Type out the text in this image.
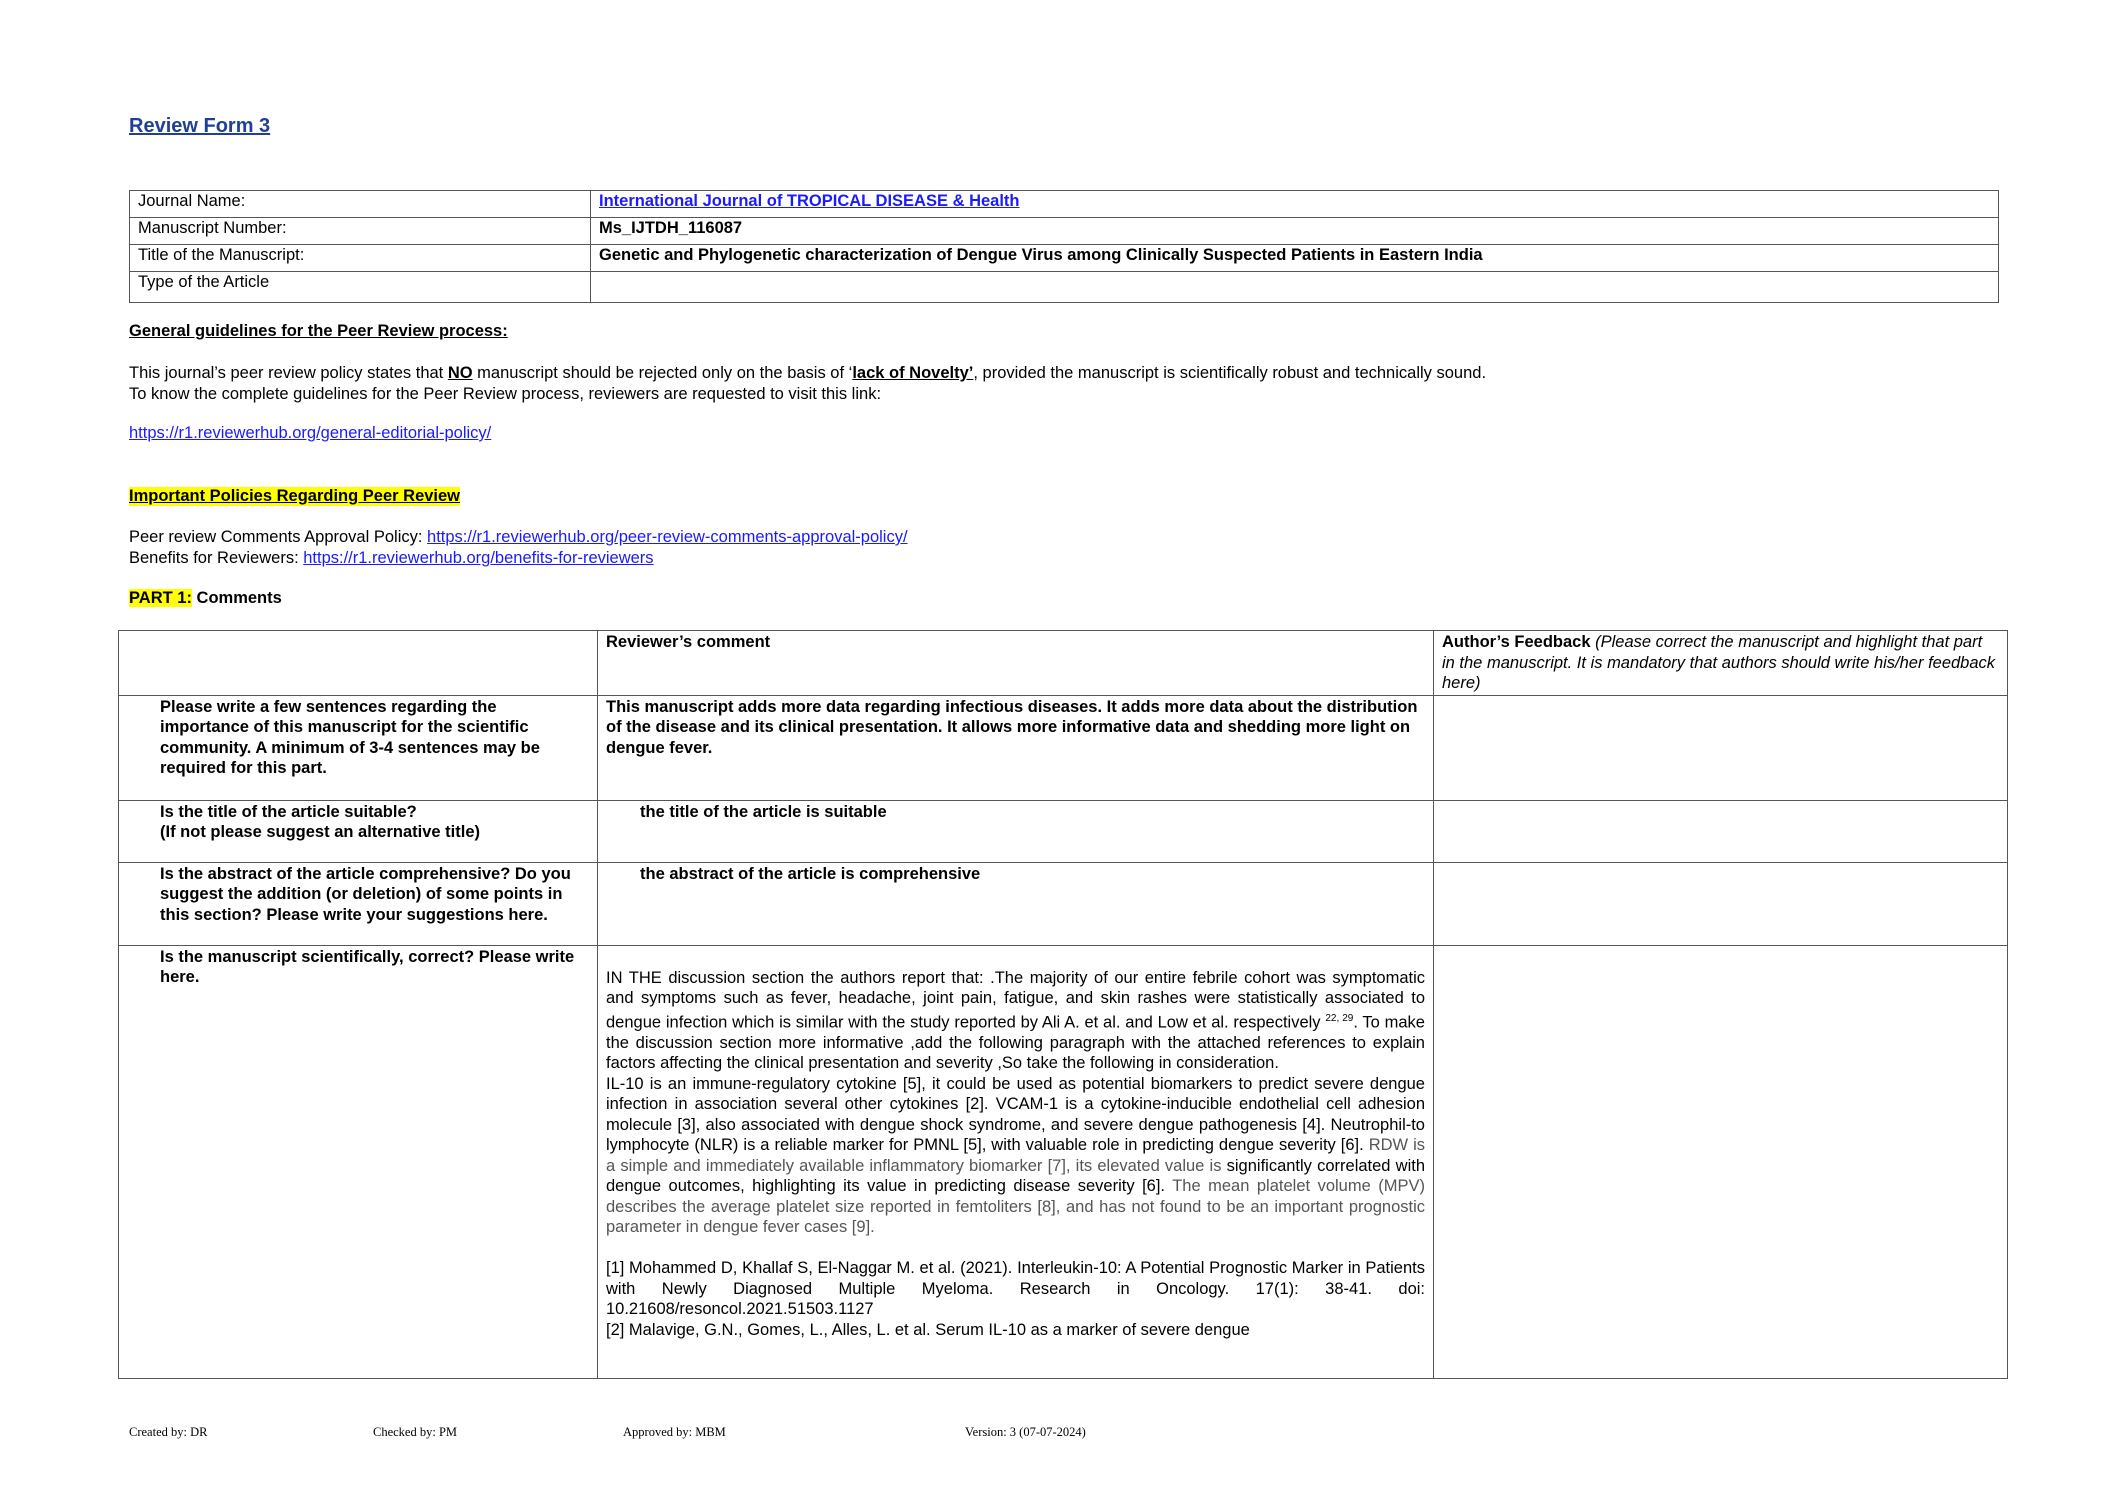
Review Form 3
Journal Name:	International Journal of TROPICAL DISEASE & Health
Manuscript Number:	Ms_IJTDH_116087
Title of the Manuscript:	Genetic and Phylogenetic characterization of Dengue Virus among Clinically Suspected Patients in Eastern India
Type of the Article	
General guidelines for the Peer Review process:
This journal’s peer review policy states that NO manuscript should be rejected only on the basis of ‘lack of Novelty’, provided the manuscript is scientifically robust and technically sound.
To know the complete guidelines for the Peer Review process, reviewers are requested to visit this link:
https://r1.reviewerhub.org/general-editorial-policy/
Important Policies Regarding Peer Review
Peer review Comments Approval Policy: https://r1.reviewerhub.org/peer-review-comments-approval-policy/
Benefits for Reviewers: https://r1.reviewerhub.org/benefits-for-reviewers
PART 1: Comments
	Reviewer’s comment	Author’s Feedback (Please correct the manuscript and highlight that part in the manuscript. It is mandatory that authors should write his/her feedback here)
Please write a few sentences regarding the importance of this manuscript for the scientific community. A minimum of 3-4 sentences may be required for this part.	This manuscript adds more data regarding infectious diseases. It adds more data about the distribution of the disease and its clinical presentation. It allows more informative data and shedding more light on dengue fever.	
Is the title of the article suitable?
(If not please suggest an alternative title)	the title of the article is suitable	
Is the abstract of the article comprehensive? Do you suggest the addition (or deletion) of some points in this section? Please write your suggestions here.	the abstract of the article is comprehensive	
Is the manuscript scientifically, correct? Please write here.	IN THE discussion section the authors report that: .The majority of our entire febrile cohort was symptomatic and symptoms such as fever, headache, joint pain, fatigue, and skin rashes were statistically associated to dengue infection which is similar with the study reported by Ali A. et al. and Low et al. respectively $^{22, 29}$. To make the discussion section more informative ,add the following paragraph with the attached references to explain factors affecting the clinical presentation and severity ,So take the following in consideration.
IL-10 is an immune-regulatory cytokine [5], it could be used as potential biomarkers to predict severe dengue infection in association several other cytokines [2]. VCAM-1 is a cytokine-inducible endothelial cell adhesion molecule [3], also associated with dengue shock syndrome, and severe dengue pathogenesis [4]. Neutrophil-to lymphocyte (NLR) is a reliable marker for PMNL [5], with valuable role in predicting dengue severity [6]. RDW is a simple and immediately available inflammatory biomarker [7], its elevated value is significantly correlated with dengue outcomes, highlighting its value in predicting disease severity [6]. The mean platelet volume (MPV) describes the average platelet size reported in femtoliters [8], and has not found to be an important prognostic parameter in dengue fever cases [9].

[1] Mohammed D, Khallaf S, El-Naggar M. et al. (2021). Interleukin-10: A Potential Prognostic Marker in Patients with Newly Diagnosed Multiple Myeloma. Research in Oncology. 17(1): 38-41. doi: 10.21608/resoncol.2021.51503.1127
[2] Malavige, G.N., Gomes, L., Alles, L. et al. Serum IL-10 as a marker of severe dengue	
Created by: DR	Checked by: PM	Approved by: MBM	Version: 3 (07-07-2024)
